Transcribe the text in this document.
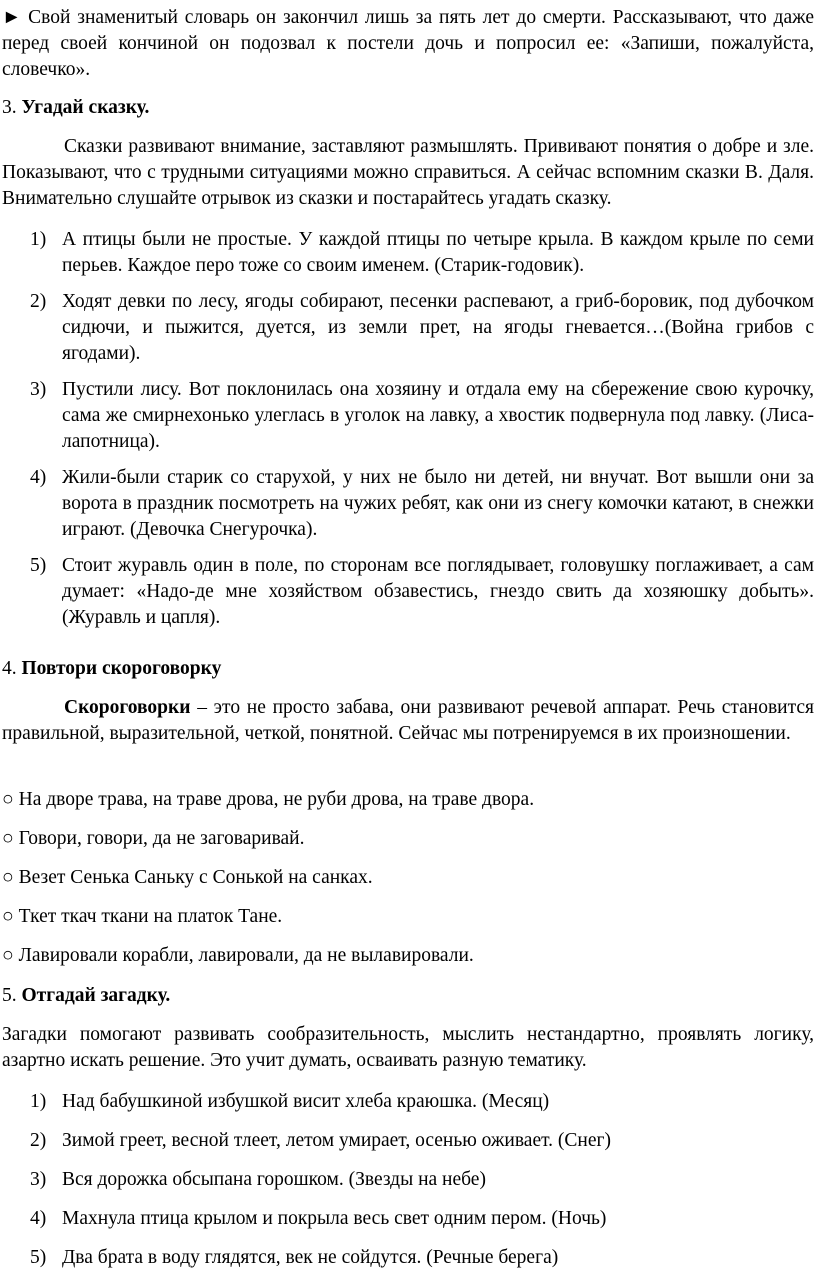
► Свой знаменитый словарь он закончил лишь за пять лет до смерти. Рассказывают, что даже перед своей кончиной он подозвал к постели дочь и попросил ее: «Запиши, пожалуйста, словечко».

3. Угадай сказку.

Сказки развивают внимание, заставляют размышлять. Прививают понятия о добре и зле. Показывают, что с трудными ситуациями можно справиться. А сейчас вспомним сказки В. Даля. Внимательно слушайте отрывок из сказки и постарайтесь угадать сказку.

1) А птицы были не простые. У каждой птицы по четыре крыла. В каждом крыле по семи перьев. Каждое перо тоже со своим именем. (Старик-годовик).
2) Ходят девки по лесу, ягоды собирают, песенки распевают, а гриб-боровик, под дубочком сидючи, и пыжится, дуется, из земли прет, на ягоды гневается…(Война грибов с ягодами).
3) Пустили лису. Вот поклонилась она хозяину и отдала ему на сбережение свою курочку, сама же смирнехонько улеглась в уголок на лавку, а хвостик подвернула под лавку. (Лиса-лапотница).
4) Жили-были старик со старухой, у них не было ни детей, ни внучат. Вот вышли они за ворота в праздник посмотреть на чужих ребят, как они из снегу комочки катают, в снежки играют. (Девочка Снегурочка).
5) Стоит журавль один в поле, по сторонам все поглядывает, головушку поглаживает, а сам думает: «Надо-де мне хозяйством обзавестись, гнездо свить да хозяюшку добыть». (Журавль и цапля).

4. Повтори скороговорку

Скороговорки – это не просто забава, они развивают речевой аппарат. Речь становится правильной, выразительной, четкой, понятной. Сейчас мы потренируемся в их произношении.

○ На дворе трава, на траве дрова, не руби дрова, на траве двора.

○ Говори, говори, да не заговаривай.

○ Везет Сенька Саньку с Сонькой на санках.

○ Ткет ткач ткани на платок Тане.

○ Лавировали корабли, лавировали, да не вылавировали.

5. Отгадай загадку.

Загадки помогают развивать сообразительность, мыслить нестандартно, проявлять логику, азартно искать решение. Это учит думать, осваивать разную тематику.

1) Над бабушкиной избушкой висит хлеба краюшка. (Месяц)
2) Зимой греет, весной тлеет, летом умирает, осенью оживает. (Снег)
3) Вся дорожка обсыпана горошком. (Звезды на небе)
4) Махнула птица крылом и покрыла весь свет одним пером. (Ночь)
5) Два брата в воду глядятся, век не сойдутся. (Речные берега)
